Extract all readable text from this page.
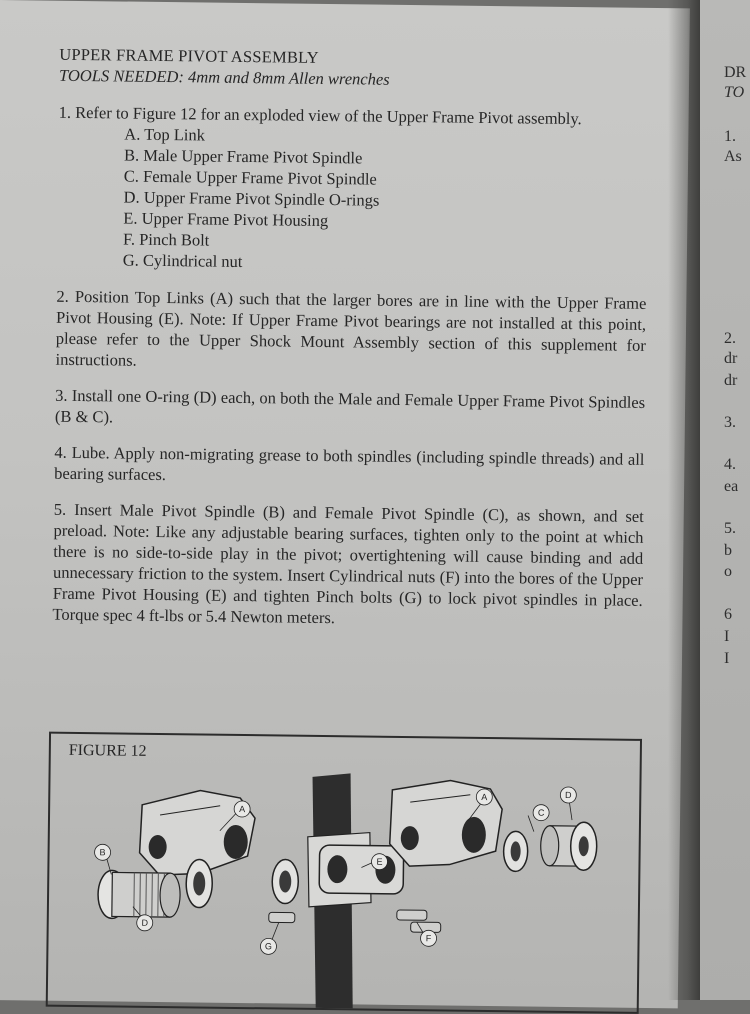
UPPER FRAME PIVOT ASSEMBLY
TOOLS NEEDED: 4mm and 8mm Allen wrenches
1. Refer to Figure 12 for an exploded view of the Upper Frame Pivot assembly.
A. Top Link
B. Male Upper Frame Pivot Spindle
C. Female Upper Frame Pivot Spindle
D. Upper Frame Pivot Spindle O-rings
E. Upper Frame Pivot Housing
F. Pinch Bolt
G. Cylindrical nut
2. Position Top Links (A) such that the larger bores are in line with the Upper Frame Pivot Housing (E). Note: If Upper Frame Pivot bearings are not installed at this point, please refer to the Upper Shock Mount Assembly section of this supplement for instructions.
3. Install one O-ring (D) each, on both the Male and Female Upper Frame Pivot Spindles (B & C).
4. Lube. Apply non-migrating grease to both spindles (including spindle threads) and all bearing surfaces.
5. Insert Male Pivot Spindle (B) and Female Pivot Spindle (C), as shown, and set preload. Note: Like any adjustable bearing surfaces, tighten only to the point at which there is no side-to-side play in the pivot; overtightening will cause binding and add unnecessary friction to the system. Insert Cylindrical nuts (F) into the bores of the Upper Frame Pivot Housing (E) and tighten Pinch bolts (G) to lock pivot spindles in place. Torque spec 4 ft-lbs or 5.4 Newton meters.
FIGURE 12
A
A
B
C
D
D
E
F
G
DR
TO
1.
As
2.
dr
dr
3.
4.
ea
5.
b
o
6
I
I
